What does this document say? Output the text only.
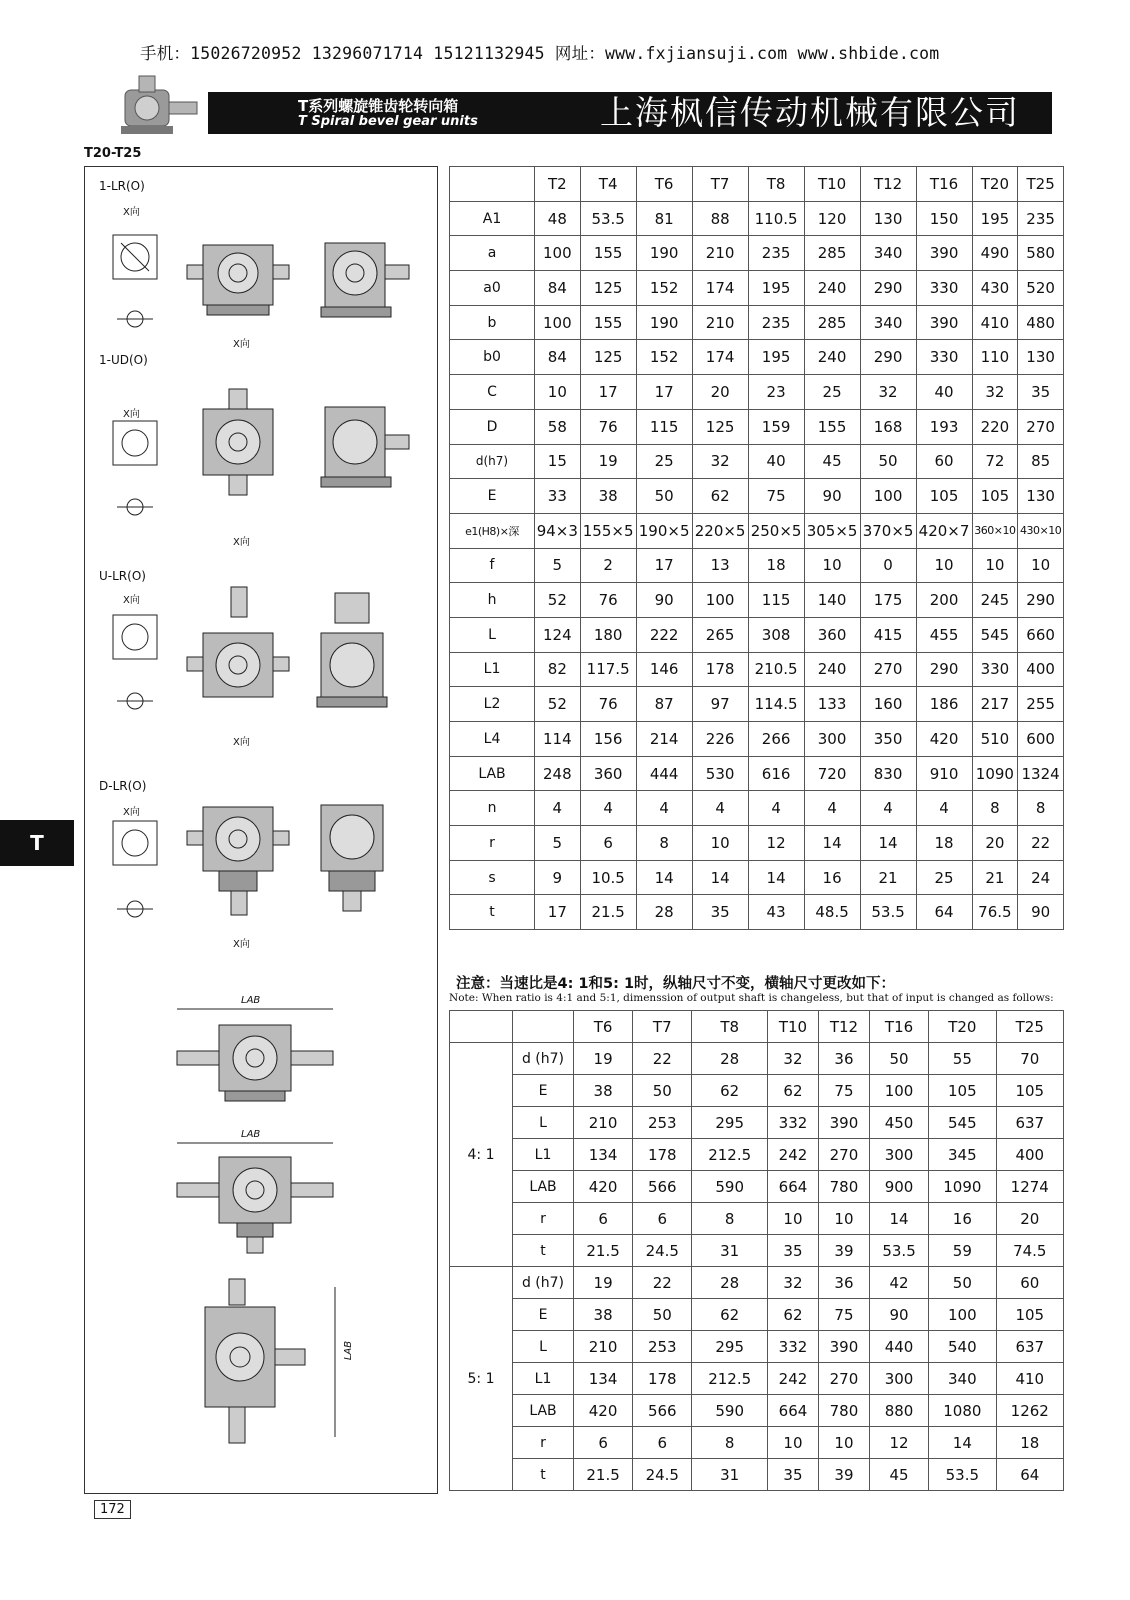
手机：15026720952 13296071714 15121132945 网址：www.fxjiansuji.com www.shbide.com
T系列螺旋锥齿轮转向箱
T Spiral bevel gear units	上海枫信传动机械有限公司
T20-T25
T
1-LR(O)
X向
X向
1-UD(O)
X向
X向
U-LR(O)
X向
X向
D-LR(O)
X向
X向
LAB
LAB
LAB
	T2	T4	T6	T7	T8	T10	T12	T16	T20	T25
A1	48	53.5	81	88	110.5	120	130	150	195	235
a	100	155	190	210	235	285	340	390	490	580
a0	84	125	152	174	195	240	290	330	430	520
b	100	155	190	210	235	285	340	390	410	480
b0	84	125	152	174	195	240	290	330	110	130
C	10	17	17	20	23	25	32	40	32	35
D	58	76	115	125	159	155	168	193	220	270
d(h7)	15	19	25	32	40	45	50	60	72	85
E	33	38	50	62	75	90	100	105	105	130
e1(H8)×深	94×3	155×5	190×5	220×5	250×5	305×5	370×5	420×7	360×10	430×10
f	5	2	17	13	18	10	0	10	10	10
h	52	76	90	100	115	140	175	200	245	290
L	124	180	222	265	308	360	415	455	545	660
L1	82	117.5	146	178	210.5	240	270	290	330	400
L2	52	76	87	97	114.5	133	160	186	217	255
L4	114	156	214	226	266	300	350	420	510	600
LAB	248	360	444	530	616	720	830	910	1090	1324
n	4	4	4	4	4	4	4	4	8	8
r	5	6	8	10	12	14	14	18	20	22
s	9	10.5	14	14	14	16	21	25	21	24
t	17	21.5	28	35	43	48.5	53.5	64	76.5	90
注意：当速比是4: 1和5: 1时，纵轴尺寸不变，横轴尺寸更改如下：
Note: When ratio is 4:1 and 5:1, dimenssion of output shaft is changeless, but that of input is changed as follows:
		T6	T7	T8	T10	T12	T16	T20	T25
4: 1	d (h7)	19	22	28	32	36	50	55	70
	E	38	50	62	62	75	100	105	105
	L	210	253	295	332	390	450	545	637
	L1	134	178	212.5	242	270	300	345	400
	LAB	420	566	590	664	780	900	1090	1274
	r	6	6	8	10	10	14	16	20
	t	21.5	24.5	31	35	39	53.5	59	74.5
5: 1	d (h7)	19	22	28	32	36	42	50	60
	E	38	50	62	62	75	90	100	105
	L	210	253	295	332	390	440	540	637
	L1	134	178	212.5	242	270	300	340	410
	LAB	420	566	590	664	780	880	1080	1262
	r	6	6	8	10	10	12	14	18
	t	21.5	24.5	31	35	39	45	53.5	64
172
